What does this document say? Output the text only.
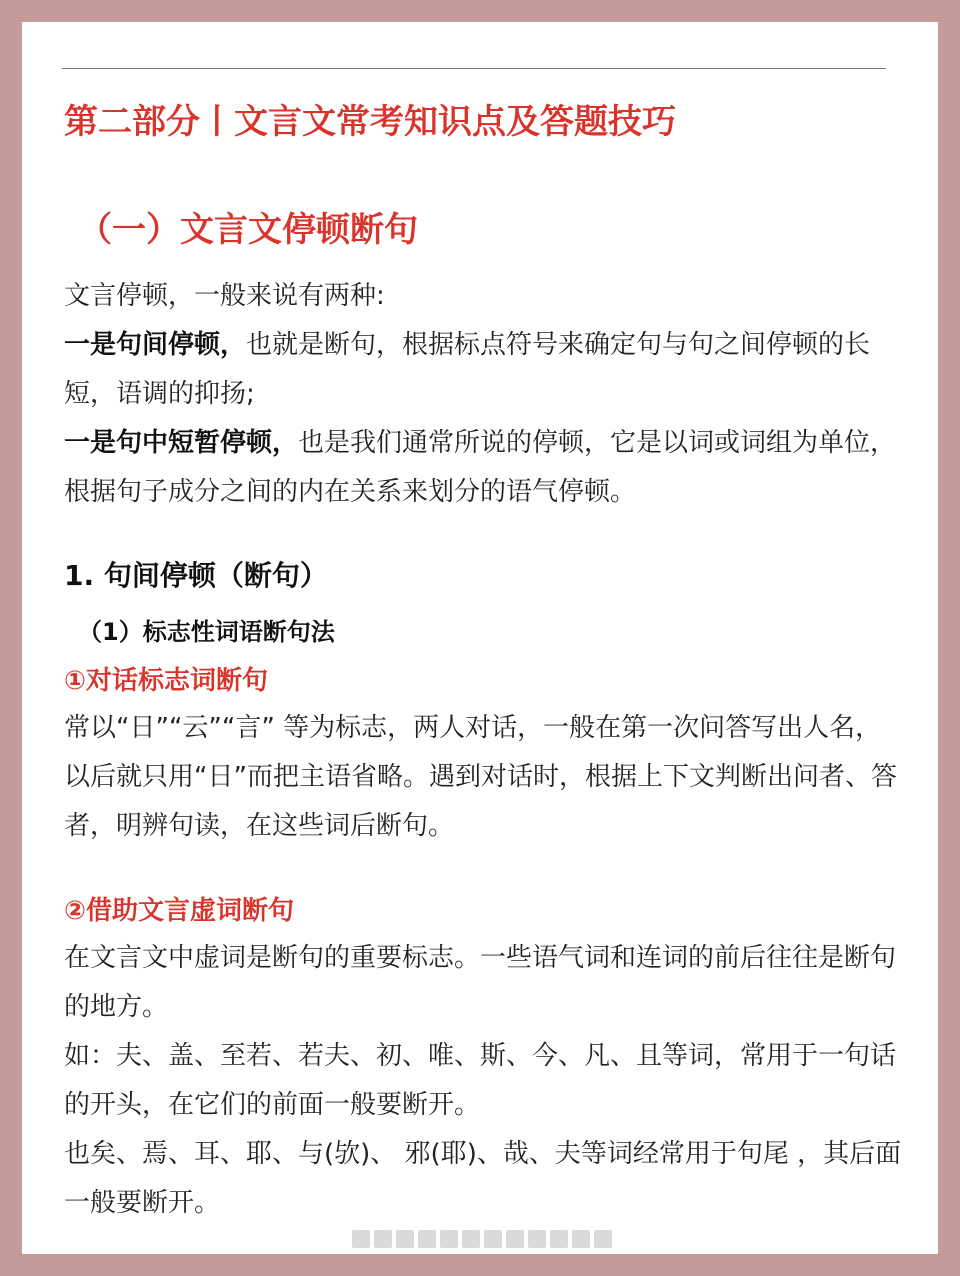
第二部分丨文言文常考知识点及答题技巧
（一）文言文停顿断句
文言停顿，一般来说有两种:
一是句间停顿，也就是断句，根据标点符号来确定句与句之间停顿的长短，语调的抑扬;
一是句中短暂停顿，也是我们通常所说的停顿，它是以词或词组为单位，根据句子成分之间的内在关系来划分的语气停顿。
1. 句间停顿（断句）
（1）标志性词语断句法
①对话标志词断句
常以“日”“云”“言” 等为标志，两人对话，一般在第一次问答写出人名， 以后就只用“日”而把主语省略。遇到对话时，根据上下文判断出问者、答者，明辨句读，在这些词后断句。
②借助文言虚词断句
在文言文中虚词是断句的重要标志。一些语气词和连词的前后往往是断句的地方。
如：夫、盖、至若、若夫、初、唯、斯、今、凡、且等词，常用于一句话的开头，在它们的前面一般要断开。
也矣、焉、耳、耶、与(欤)、 邪(耶)、哉、夫等词经常用于句尾 ，其后面一般要断开。
